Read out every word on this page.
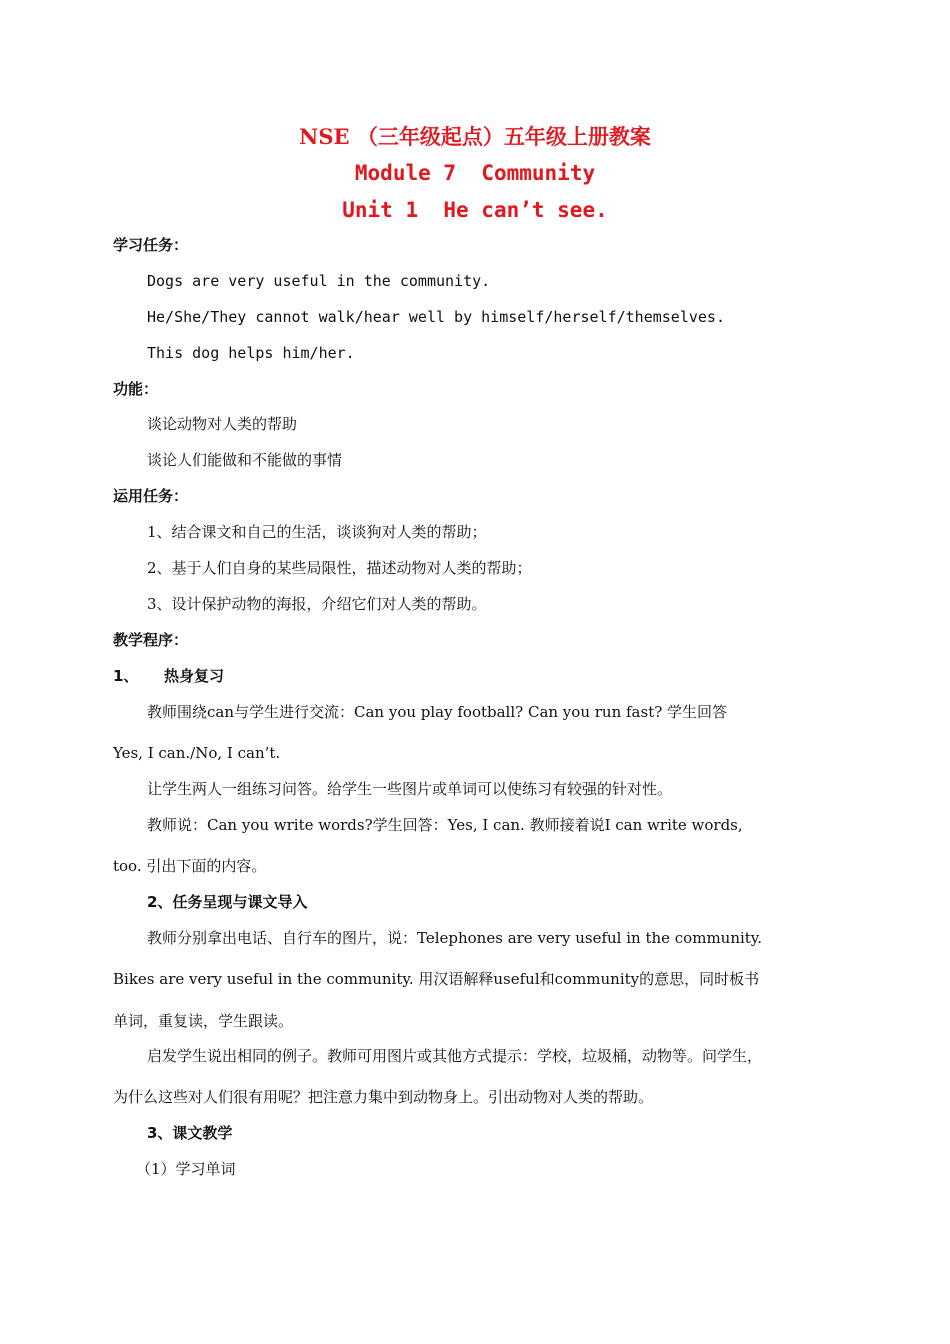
NSE （三年级起点）五年级上册教案
Module 7  Community
Unit 1  He can’t see.
学习任务：
Dogs are very useful in the community.
He/She/They cannot walk/hear well by himself/herself/themselves.
This dog helps him/her.
功能：
谈论动物对人类的帮助
谈论人们能做和不能做的事情
运用任务：
1、结合课文和自己的生活，谈谈狗对人类的帮助；
2、基于人们自身的某些局限性，描述动物对人类的帮助；
3、设计保护动物的海报，介绍它们对人类的帮助。
教学程序：
1、 热身复习
教师围绕can与学生进行交流：Can you play football? Can you run fast? 学生回答
Yes, I can./No, I can’t.
让学生两人一组练习问答。给学生一些图片或单词可以使练习有较强的针对性。
教师说：Can you write words?学生回答：Yes, I can. 教师接着说I can write words,
too. 引出下面的内容。
2、任务呈现与课文导入
教师分别拿出电话、自行车的图片，说：Telephones are very useful in the community.
Bikes are very useful in the community. 用汉语解释useful和community的意思，同时板书
单词，重复读，学生跟读。
启发学生说出相同的例子。教师可用图片或其他方式提示：学校，垃圾桶，动物等。问学生，
为什么这些对人们很有用呢？把注意力集中到动物身上。引出动物对人类的帮助。
3、课文教学
（1）学习单词
